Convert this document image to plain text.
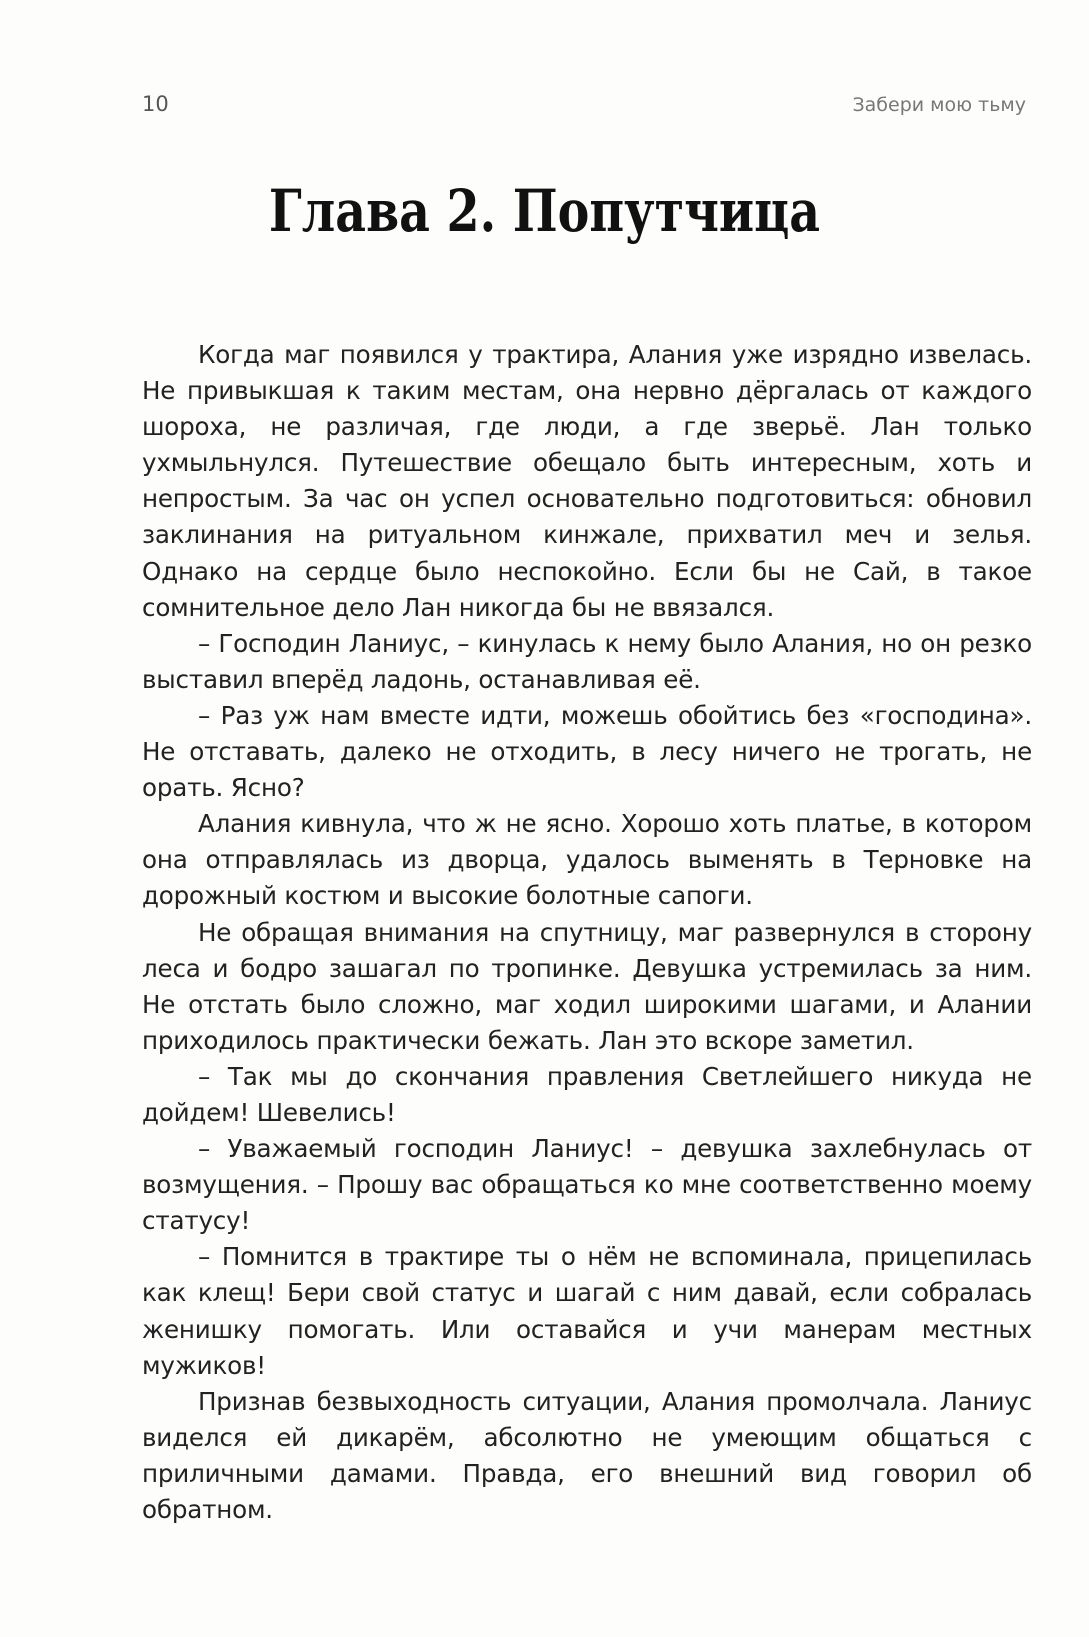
10	Забери мою тьму
Глава 2. Попутчица

Когда маг появился у трактира, Алания уже изрядно извелась. Не привыкшая к таким местам, она нервно дёргалась от каждого шороха, не различая, где люди, а где зверьё. Лан только ухмыльнулся. Путешествие обещало быть интересным, хоть и непростым. За час он успел основательно подготовиться: обновил заклинания на ритуальном кинжале, прихватил меч и зелья. Однако на сердце было неспокойно. Если бы не Сай, в такое сомнительное дело Лан никогда бы не ввязался.

– Господин Ланиус, – кинулась к нему было Алания, но он резко выставил вперёд ладонь, останавливая её.

– Раз уж нам вместе идти, можешь обойтись без «господина». Не отставать, далеко не отходить, в лесу ничего не трогать, не орать. Ясно?

Алания кивнула, что ж не ясно. Хорошо хоть платье, в котором она отправлялась из дворца, удалось выменять в Терновке на дорожный костюм и высокие болотные сапоги.

Не обращая внимания на спутницу, маг развернулся в сторону леса и бодро зашагал по тропинке. Девушка устремилась за ним. Не отстать было сложно, маг ходил широкими шагами, и Алании приходилось практически бежать. Лан это вскоре заметил.

– Так мы до скончания правления Светлейшего никуда не дойдем! Шевелись!

– Уважаемый господин Ланиус! – девушка захлебнулась от возмущения. – Прошу вас обращаться ко мне соответственно моему статусу!

– Помнится в трактире ты о нём не вспоминала, прицепилась как клещ! Бери свой статус и шагай с ним давай, если собралась женишку помогать. Или оставайся и учи манерам местных мужиков!

Признав безвыходность ситуации, Алания промолчала. Ланиус виделся ей дикарём, абсолютно не умеющим общаться с приличными дамами. Правда, его внешний вид говорил об обратном.
